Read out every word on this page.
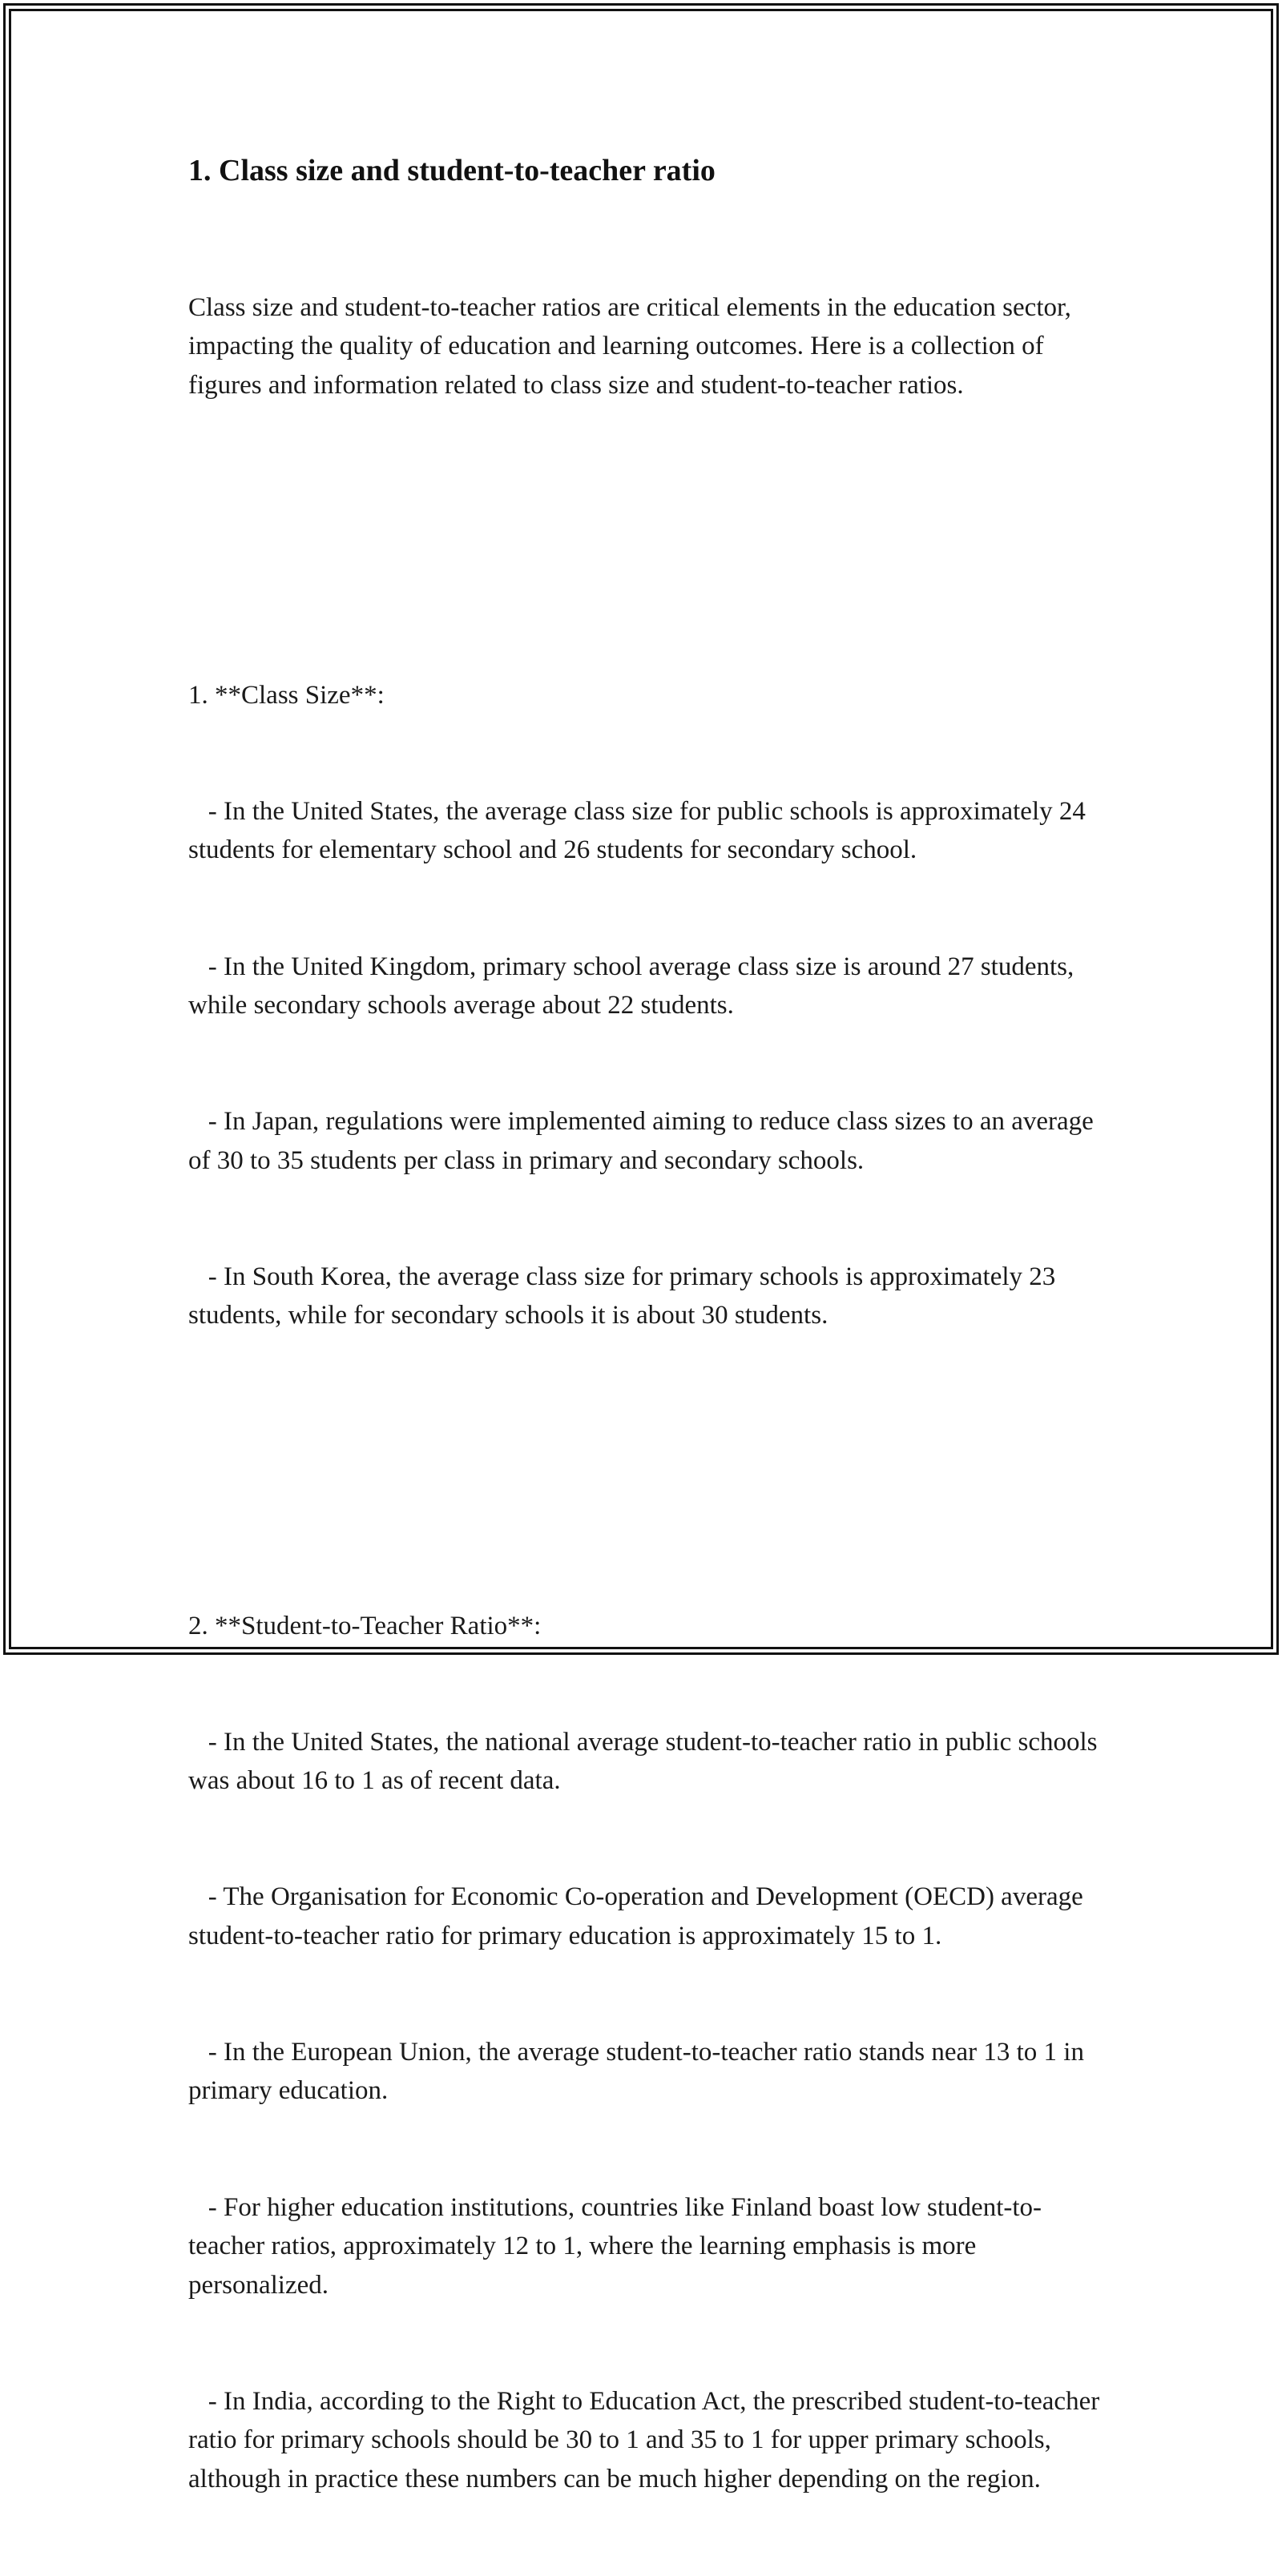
1. Class size and student-to-teacher ratio

Class size and student-to-teacher ratios are critical elements in the education sector, impacting the quality of education and learning outcomes. Here is a collection of figures and information related to class size and student-to-teacher ratios.

1. **Class Size**:

- In the United States, the average class size for public schools is approximately 24 students for elementary school and 26 students for secondary school.

- In the United Kingdom, primary school average class size is around 27 students, while secondary schools average about 22 students.

- In Japan, regulations were implemented aiming to reduce class sizes to an average of 30 to 35 students per class in primary and secondary schools.

- In South Korea, the average class size for primary schools is approximately 23 students, while for secondary schools it is about 30 students.

2. **Student-to-Teacher Ratio**:

- In the United States, the national average student-to-teacher ratio in public schools was about 16 to 1 as of recent data.

- The Organisation for Economic Co-operation and Development (OECD) average student-to-teacher ratio for primary education is approximately 15 to 1.

- In the European Union, the average student-to-teacher ratio stands near 13 to 1 in primary education.

- For higher education institutions, countries like Finland boast low student-to-teacher ratios, approximately 12 to 1, where the learning emphasis is more personalized.

- In India, according to the Right to Education Act, the prescribed student-to-teacher ratio for primary schools should be 30 to 1 and 35 to 1 for upper primary schools, although in practice these numbers can be much higher depending on the region.
